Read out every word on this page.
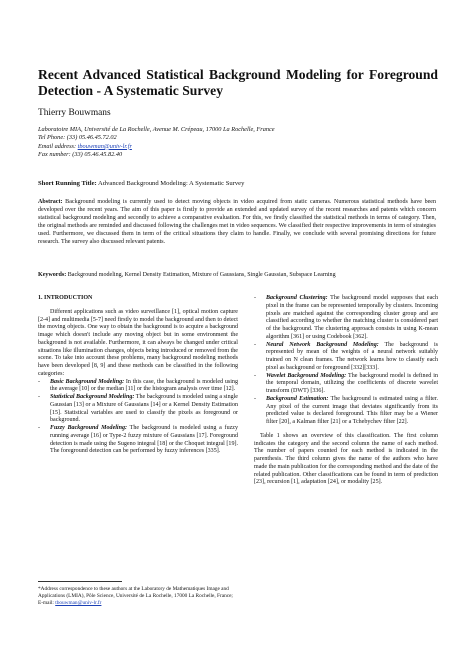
Recent Advanced Statistical Background Modeling for Foreground Detection - A Systematic Survey
Thierry Bouwmans
Laboratoire MIA, Université de La Rochelle, Avenue M. Crépeau, 17000 La Rochelle, France
Tel Phone: (33) 05.46.45.72.02
Email address: tbouwman@univ-lr.fr
Fax number: (33) 05.46.45.82.40
Short Running Title: Advanced Background Modeling: A Systematic Survey
Abstract: Background modeling is currently used to detect moving objects in video acquired from static cameras. Numerous statistical methods have been developed over the recent years. The aim of this paper is firstly to provide an extended and updated survey of the recent researches and patents which concern statistical background modeling and secondly to achieve a comparative evaluation. For this, we firstly classified the statistical methods in terms of category. Then, the original methods are reminded and discussed following the challenges met in video sequences. We classified their respective improvements in term of strategies used. Furthermore, we discussed them in term of the critical situations they claim to handle. Finally, we conclude with several promising directions for future research. The survey also discussed relevant patents.
Keywords: Background modeling, Kernel Density Estimation, Mixture of Gaussians, Single Gaussian, Subspace Learning
1. INTRODUCTION

Different applications such as video surveillance [1], optical motion capture [2-4] and multimedia [5-7] need firstly to model the background and then to detect the moving objects. One way to obtain the background is to acquire a background image which doesn't include any moving object but in some environment the background is not available. Furthermore, it can always be changed under critical situations like illumination changes, objects being introduced or removed from the scene. To take into account these problems, many background modeling methods have been developed [8, 9] and these methods can be classified in the following categories:

- Basic Background Modeling: In this case, the background is modeled using the average [10] or the median [11] or the histogram analysis over time [12].

- Statistical Background Modeling: The background is modeled using a single Gaussian [13] or a Mixture of Gaussians [14] or a Kernel Density Estimation [15]. Statistical variables are used to classify the pixels as foreground or background.

- Fuzzy Background Modeling: The background is modeled using a fuzzy running average [16] or Type-2 fuzzy mixture of Gaussians [17]. Foreground detection is made using the Sugeno integral [18] or the Choquet integral [19]. The foreground detection can be performed by fuzzy inferences [335].

*Address correspondence to these authors at the Laboratory de Mathematiques Image and Applications (LMIA), Pôle Science, Université de La Rochelle, 17000 La Rochelle, France; E-mail: tbouwman@univ-lr.fr

- Background Clustering: The background model supposes that each pixel in the frame can be represented temporally by clusters. Incoming pixels are matched against the corresponding cluster group and are classified according to whether the matching cluster is considered part of the background. The clustering approach consists in using K-mean algorithm [361] or using Codebook [362].

- Neural Network Background Modeling: The background is represented by mean of the weights of a neural network suitably trained on N clean frames. The network learns how to classify each pixel as background or foreground [332][333].

- Wavelet Background Modeling: The background model is defined in the temporal domain, utilizing the coefficients of discrete wavelet transform (DWT) [336].

- Background Estimation: The background is estimated using a filter. Any pixel of the current image that deviates significantly from its predicted value is declared foreground. This filter may be a Wiener filter [20], a Kalman filter [21] or a Tchebychev filter [22].

Table 1 shows an overview of this classification. The first column indicates the category and the second column the name of each method. The number of papers counted for each method is indicated in the parenthesis. The third column gives the name of the authors who have made the main publication for the corresponding method and the date of the related publication. Other classifications can be found in term of prediction [23], recursion [1], adaptation [24], or modality [25].
